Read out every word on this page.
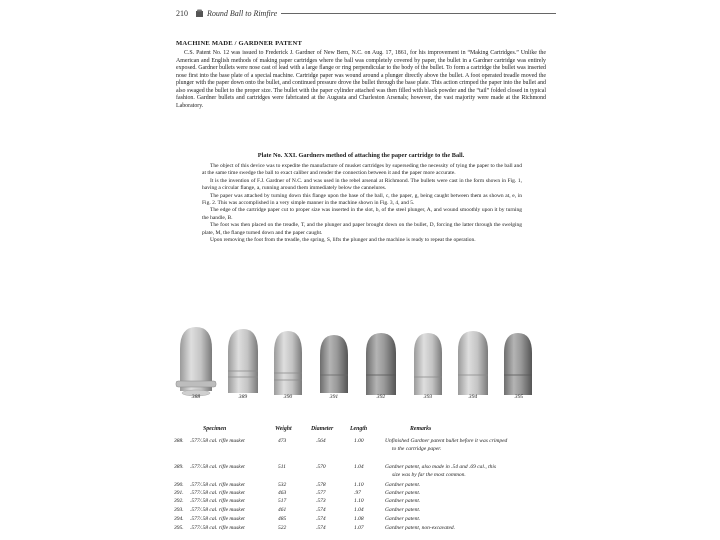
210 Round Ball to Rimfire
MACHINE MADE / GARDNER PATENT
C.S. Patent No. 12 was issued to Frederick J. Gardner of New Bern, N.C. on Aug. 17, 1861, for his improvement in “Making Cartridges.” Unlike the American and English methods of making paper cartridges where the ball was completely covered by paper, the bullet in a Gardner cartridge was entirely exposed. Gardner bullets were nose cast of lead with a large flange or ring perpendicular to the body of the bullet. To form a cartridge the bullet was inserted nose first into the base plate of a special machine. Cartridge paper was wound around a plunger directly above the bullet. A foot operated treadle moved the plunger with the paper down onto the bullet, and continued pressure drove the bullet through the base plate. This action crimped the paper into the bullet and also swaged the bullet to the proper size. The bullet with the paper cylinder attached was then filled with black powder and the “tail” folded closed in typical fashion. Gardner bullets and cartridges were fabricated at the Augusta and Charleston Arsenals; however, the vast majority were made at the Richmond Laboratory.
Plate No. XXI. Gardners method of attaching the paper cartridge to the Ball.

The object of this device was to expedite the manufacture of musket cartridges by superseding the necessity of tying the paper to the ball and at the same time swedge the ball to exact caliber and render the connection between it and the paper more accurate.

It is the invention of F.J. Gardner of N.C. and was used in the rebel arsenal at Richmond. The bullets were cast in the form shown in Fig. 1, having a circular flange, a, running around them immediately below the cannelures.

The paper was attached by turning down this flange upon the base of the ball, c, the paper, g, being caught between them as shown at, e, in Fig. 2. This was accomplished in a very simple manner in the machine shown in Fig. 3, 4, and 5.

The edge of the cartridge paper cut to proper size was inserted in the slot, b, of the steel plunger, A, and wound smoothly upon it by turning the handle, B.

The foot was then placed on the treadle, T, and the plunger and paper brought down on the bullet, D, forcing the latter through the swelging plate, M, the flange turned down and the paper caught.

Upon removing the foot from the treadle, the spring, S, lifts the plunger and the machine is ready to repeat the operation.

388	389	390	391	392	393	394	395
Specimen	Weight	Diameter	Length	Remarks
388. .577/.58 cal. rifle musket	473	.564	1.00	Unfinished Gardner patent bullet before it was crimped
to the cartridge paper.
389. .577/.58 cal. rifle musket	511	.570	1.04	Gardner patent, also made in .54 and .69 cal., this
size was by far the most common.
390. .577/.58 cal. rifle musket	532	.578	1.10	Gardner patent.
391. .577/.58 cal. rifle musket	463	.577	.97	Gardner patent.
392. .577/.58 cal. rifle musket	517	.573	1.10	Gardner patent.
393. .577/.58 cal. rifle musket	461	.574	1.04	Gardner patent.
394. .577/.58 cal. rifle musket	485	.574	1.08	Gardner patent.
395. .577/.58 cal. rifle musket	522	.574	1.07	Gardner patent, non-excavated.
